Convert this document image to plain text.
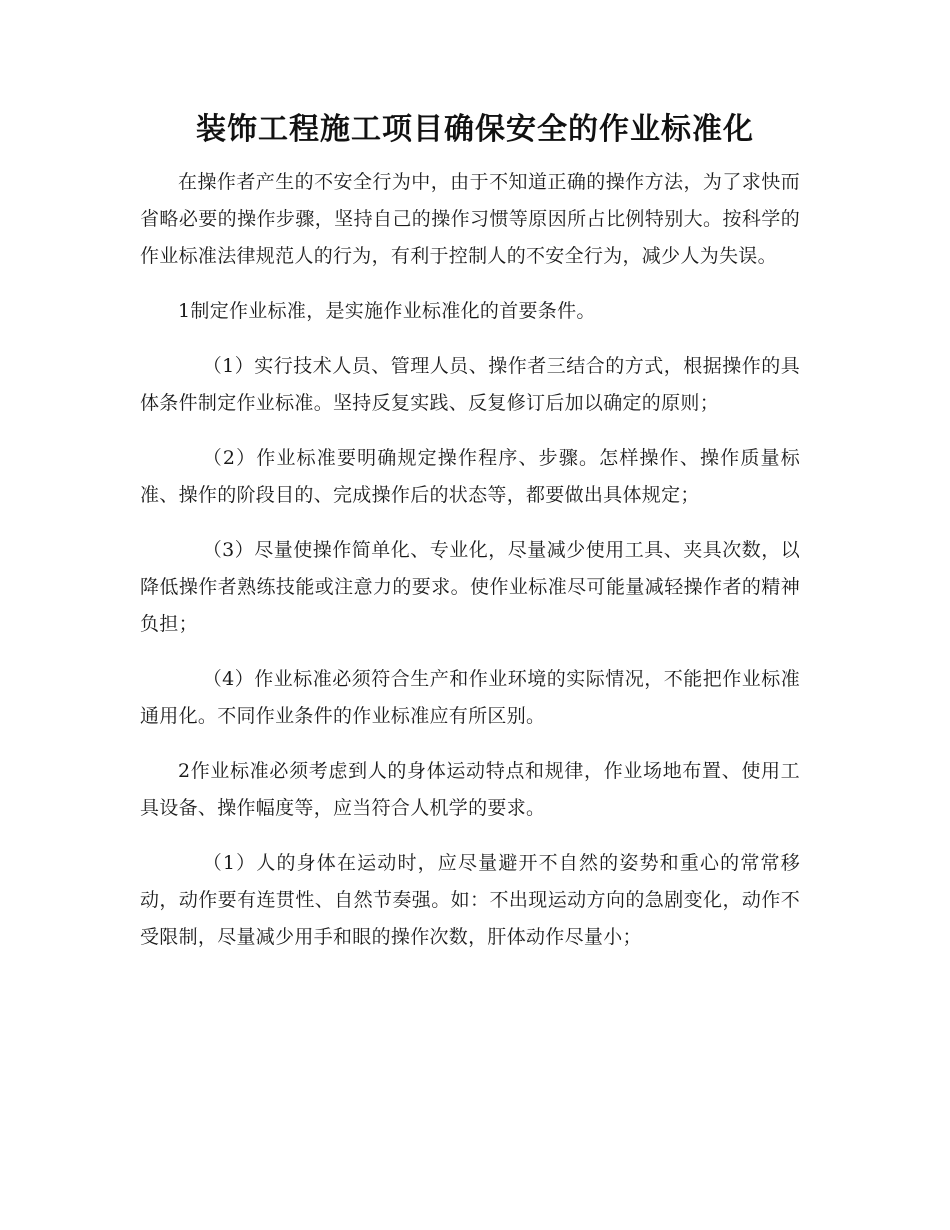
装饰工程施工项目确保安全的作业标准化

在操作者产生的不安全行为中，由于不知道正确的操作方法，为了求快而省略必要的操作步骤，坚持自己的操作习惯等原因所占比例特别大。按科学的作业标准法律规范人的行为，有利于控制人的不安全行为，减少人为失误。

1制定作业标准，是实施作业标准化的首要条件。

（1）实行技术人员、管理人员、操作者三结合的方式，根据操作的具体条件制定作业标准。坚持反复实践、反复修订后加以确定的原则；

（2）作业标准要明确规定操作程序、步骤。怎样操作、操作质量标准、操作的阶段目的、完成操作后的状态等，都要做出具体规定；

（3）尽量使操作简单化、专业化，尽量减少使用工具、夹具次数，以降低操作者熟练技能或注意力的要求。使作业标准尽可能量减轻操作者的精神负担；

（4）作业标准必须符合生产和作业环境的实际情况，不能把作业标准通用化。不同作业条件的作业标准应有所区别。

2作业标准必须考虑到人的身体运动特点和规律，作业场地布置、使用工具设备、操作幅度等，应当符合人机学的要求。

（1）人的身体在运动时，应尽量避开不自然的姿势和重心的常常移动，动作要有连贯性、自然节奏强。如：不出现运动方向的急剧变化，动作不受限制，尽量减少用手和眼的操作次数，肝体动作尽量小；
